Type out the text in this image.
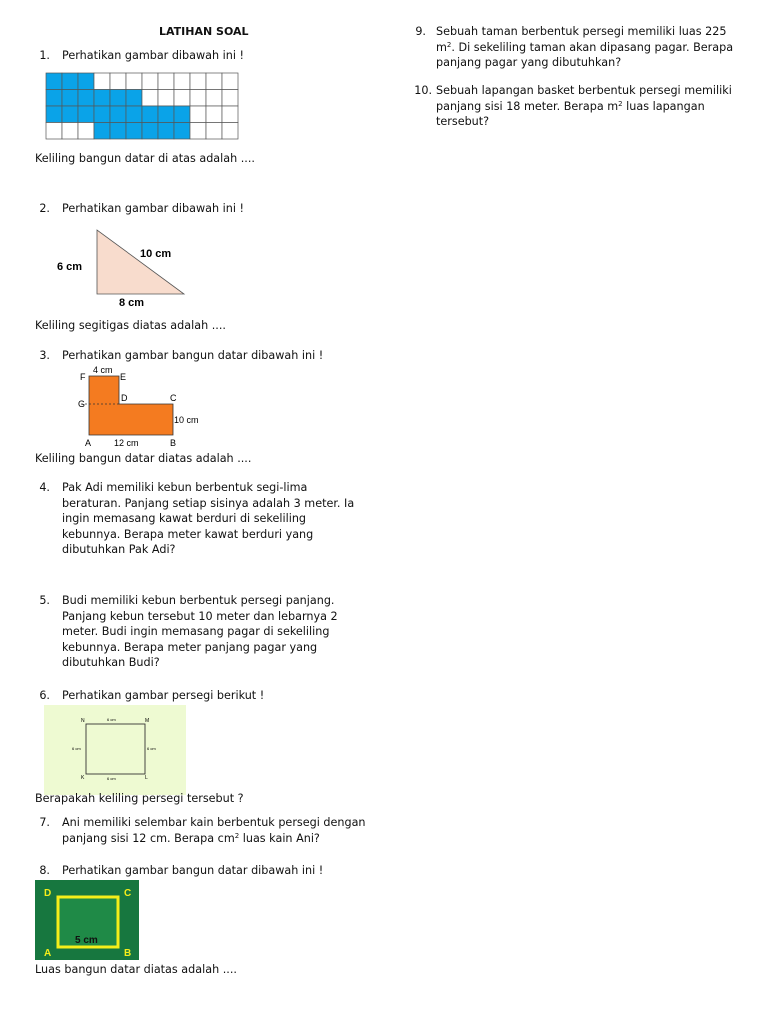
LATIHAN SOAL
1. Perhatikan gambar dibawah ini !
Keliling bangun datar di atas adalah ....
2. Perhatikan gambar dibawah ini !
6 cm
10 cm
8 cm
Keliling segitigas diatas adalah ....
3. Perhatikan gambar bangun datar dibawah ini !
F
4 cm
E
G
D	C
10 cm
A	12 cm	B
Keliling bangun datar diatas adalah ....
4. Pak Adi memiliki kebun berbentuk segi-lima beraturan. Panjang setiap sisinya adalah 3 meter. Ia ingin memasang kawat berduri di sekeliling kebunnya. Berapa meter kawat berduri yang dibutuhkan Pak Adi?
5. Budi memiliki kebun berbentuk persegi panjang. Panjang kebun tersebut 10 meter dan lebarnya 2 meter. Budi ingin memasang pagar di sekeliling kebunnya. Berapa meter panjang pagar yang dibutuhkan Budi?
6. Perhatikan gambar persegi berikut !
N	M
K	L
6 cm
6 cm	6 cm
6 cm
Berapakah keliling persegi tersebut ?
7. Ani memiliki selembar kain berbentuk persegi dengan panjang sisi 12 cm. Berapa $cm^2$ luas kain Ani?
8. Perhatikan gambar bangun datar dibawah ini !
D	C
A	B
5 cm
Luas bangun datar diatas adalah ....
9. Sebuah taman berbentuk persegi memiliki luas 225 $m^2$. Di sekeliling taman akan dipasang pagar. Berapa panjang pagar yang dibutuhkan?
10. Sebuah lapangan basket berbentuk persegi memiliki panjang sisi 18 meter. Berapa $m^2$ luas lapangan tersebut?
